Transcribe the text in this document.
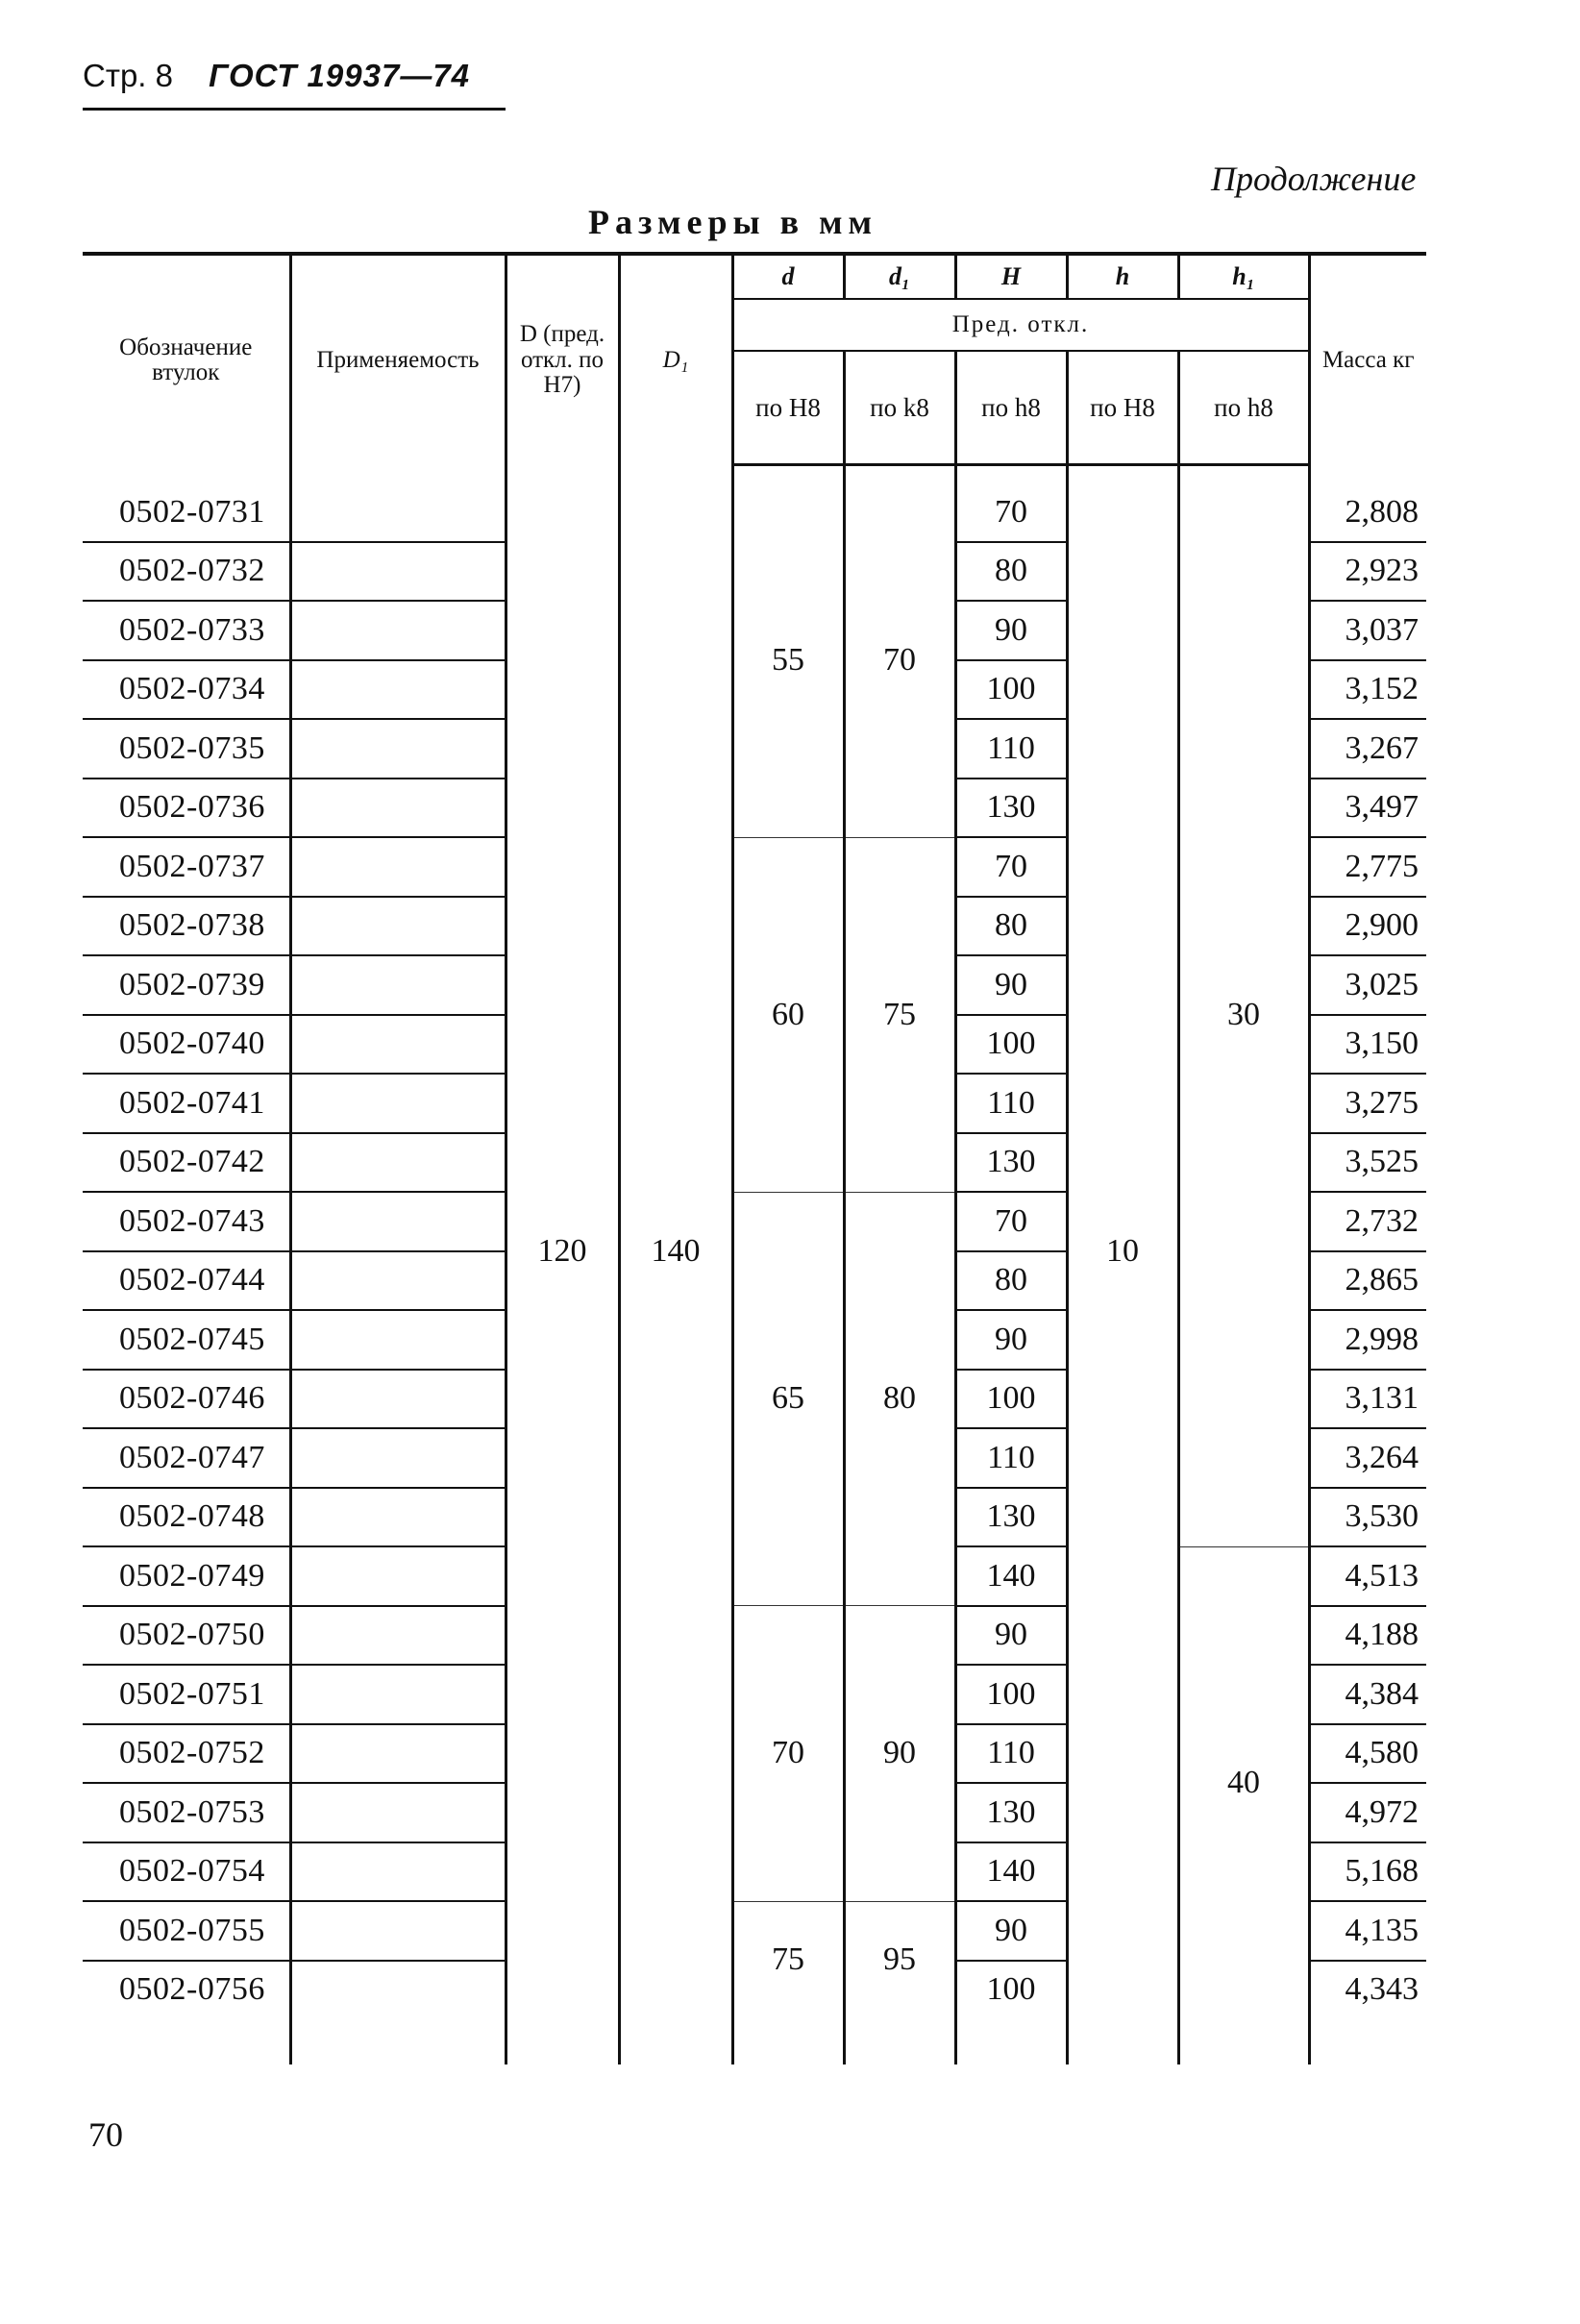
Стр. 8 ГОСТ 19937—74
Продолжение
Размеры в мм
Обозначение втулок	Применяемость	D (пред. откл. по H7)	D₁	d	d₁	H	h	h₁	Масса кг
				Пред. откл.					
				по H8	по k8	по h8	по H8	по h8	

0502-0731		120	140	55	70	70	10	30	2,808
0502-0732						80			2,923
0502-0733						90			3,037
0502-0734						100			3,152
0502-0735						110			3,267
0502-0736						130			3,497
0502-0737				60	75	70			2,775
0502-0738						80			2,900
0502-0739						90			3,025
0502-0740						100			3,150
0502-0741						110			3,275
0502-0742						130			3,525
0502-0743				65	80	70			2,732
0502-0744						80			2,865
0502-0745						90			2,998
0502-0746						100			3,131
0502-0747						110			3,264
0502-0748						130			3,530
0502-0749						140		40	4,513
0502-0750				70	90	90			4,188
0502-0751						100			4,384
0502-0752						110			4,580
0502-0753						130			4,972
0502-0754						140			5,168
0502-0755				75	95	90			4,135
0502-0756						100			4,343

70
